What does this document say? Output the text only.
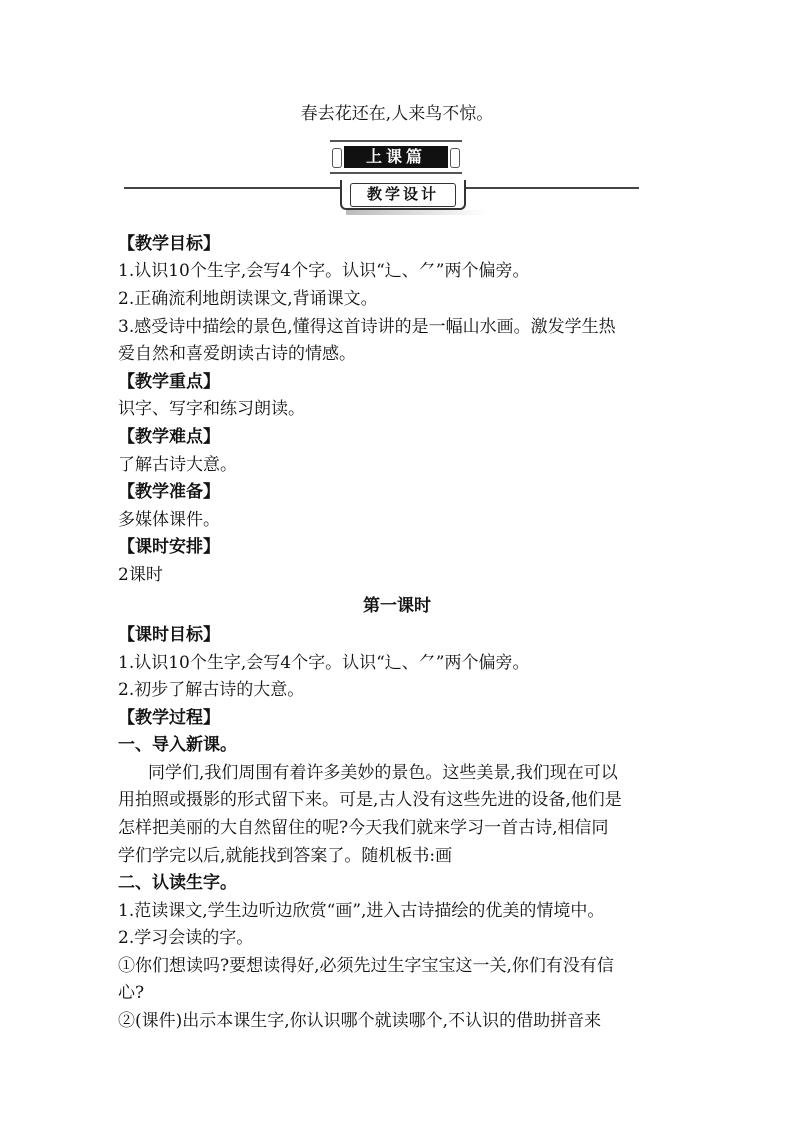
春去花还在,人来鸟不惊。
上课篇
教学设计
【教学目标】
1.认识10个生字,会写4个字。认识“辶、⺈”两个偏旁。
2.正确流利地朗读课文,背诵课文。
3.感受诗中描绘的景色,懂得这首诗讲的是一幅山水画。激发学生热
爱自然和喜爱朗读古诗的情感。
【教学重点】
识字、写字和练习朗读。
【教学难点】
了解古诗大意。
【教学准备】
多媒体课件。
【课时安排】
2课时
第一课时
【课时目标】
1.认识10个生字,会写4个字。认识“辶、⺈”两个偏旁。
2.初步了解古诗的大意。
【教学过程】
一、导入新课。
同学们,我们周围有着许多美妙的景色。这些美景,我们现在可以
用拍照或摄影的形式留下来。可是,古人没有这些先进的设备,他们是
怎样把美丽的大自然留住的呢?今天我们就来学习一首古诗,相信同
学们学完以后,就能找到答案了。随机板书:画
二、认读生字。
1.范读课文,学生边听边欣赏“画”,进入古诗描绘的优美的情境中。
2.学习会读的字。
①你们想读吗?要想读得好,必须先过生字宝宝这一关,你们有没有信
心?
②(课件)出示本课生字,你认识哪个就读哪个,不认识的借助拼音来
